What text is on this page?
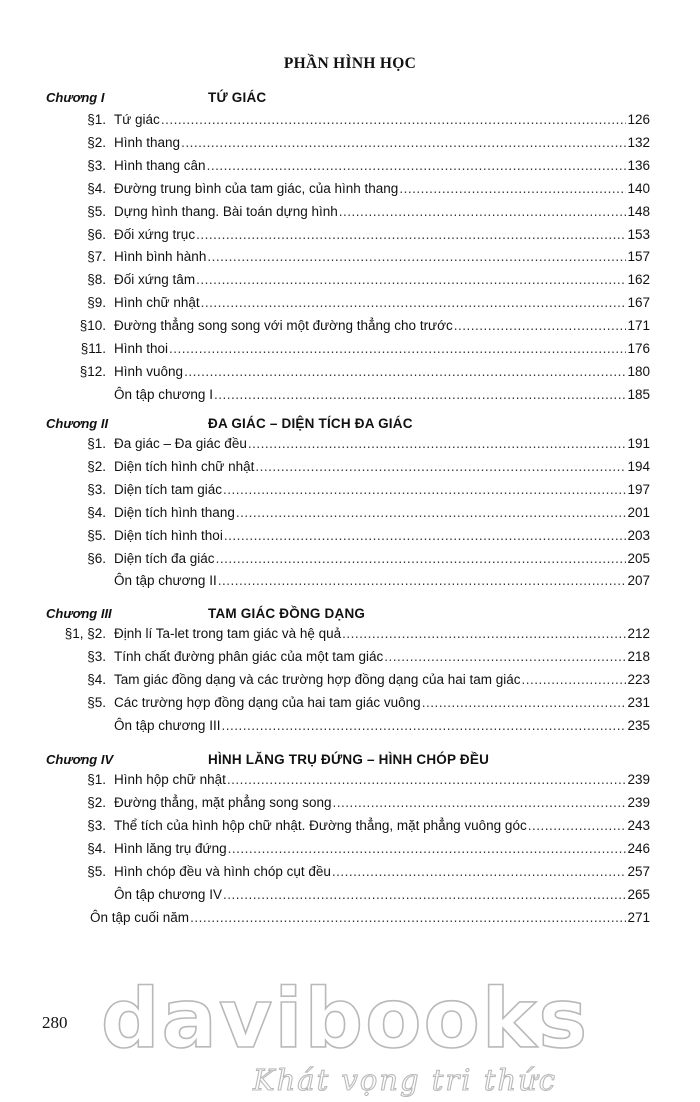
PHẦN HÌNH HỌC
Chương I	TỨ GIÁC
§1. Tứ giác .....	126
§2. Hình thang .....	132
§3. Hình thang cân .....	136
§4. Đường trung bình của tam giác, của hình thang .....	140
§5. Dựng hình thang. Bài toán dựng hình .....	148
§6. Đối xứng trục .....	153
§7. Hình bình hành .....	157
§8. Đối xứng tâm .....	162
§9. Hình chữ nhật .....	167
§10. Đường thẳng song song với một đường thẳng cho trước .....	171
§11. Hình thoi .....	176
§12. Hình vuông .....	180
Ôn tập chương I .....	185
Chương II	ĐA GIÁC – DIỆN TÍCH ĐA GIÁC
§1. Đa giác – Đa giác đều .....	191
§2. Diện tích hình chữ nhật .....	194
§3. Diện tích tam giác .....	197
§4. Diện tích hình thang .....	201
§5. Diện tích hình thoi .....	203
§6. Diện tích đa giác .....	205
Ôn tập chương II .....	207
Chương III	TAM GIÁC ĐỒNG DẠNG
§1, §2. Định lí Ta-let trong tam giác và hệ quả .....	212
§3. Tính chất đường phân giác của một tam giác .....	218
§4. Tam giác đồng dạng và các trường hợp đồng dạng của hai tam giác .....	223
§5. Các trường hợp đồng dạng của hai tam giác vuông .....	231
Ôn tập chương III .....	235
Chương IV	HÌNH LĂNG TRỤ ĐỨNG – HÌNH CHÓP ĐỀU
§1. Hình hộp chữ nhật .....	239
§2. Đường thẳng, mặt phẳng song song .....	239
§3. Thể tích của hình hộp chữ nhật. Đường thẳng, mặt phẳng vuông góc .....	243
§4. Hình lăng trụ đứng .....	246
§5. Hình chóp đều và hình chóp cụt đều .....	257
Ôn tập chương IV .....	265
Ôn tập cuối năm .....	271
280 davibooks
Khát vọng tri thức
